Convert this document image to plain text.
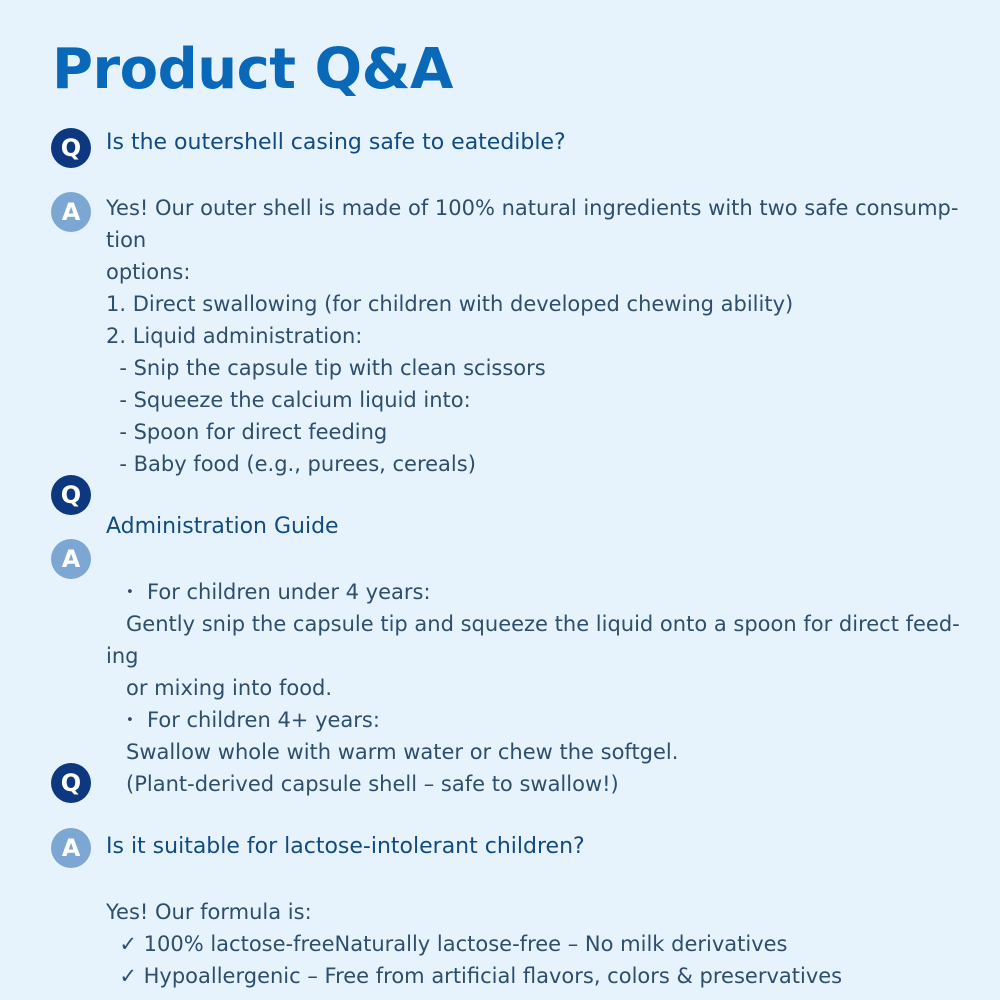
Product Q&A
Q
A
Q
A
Q
A

Is the outershell casing safe to eatedible?

Yes! Our outer shell is made of 100% natural ingredients with two safe consump-

tion

options:

1. Direct swallowing (for children with developed chewing ability)

2. Liquid administration:

- Snip the capsule tip with clean scissors

- Squeeze the calcium liquid into:

- Spoon for direct feeding

- Baby food (e.g., purees, cereals)

Administration Guide

・ For children under 4 years:

Gently snip the capsule tip and squeeze the liquid onto a spoon for direct feed-

ing

or mixing into food.

・ For children 4+ years:

Swallow whole with warm water or chew the softgel.

(Plant-derived capsule shell – safe to swallow!)

Is it suitable for lactose-intolerant children?

Yes! Our formula is:

✓ 100% lactose-freeNaturally lactose-free – No milk derivatives

✓ Hypoallergenic – Free from artificial flavors, colors & preservatives
